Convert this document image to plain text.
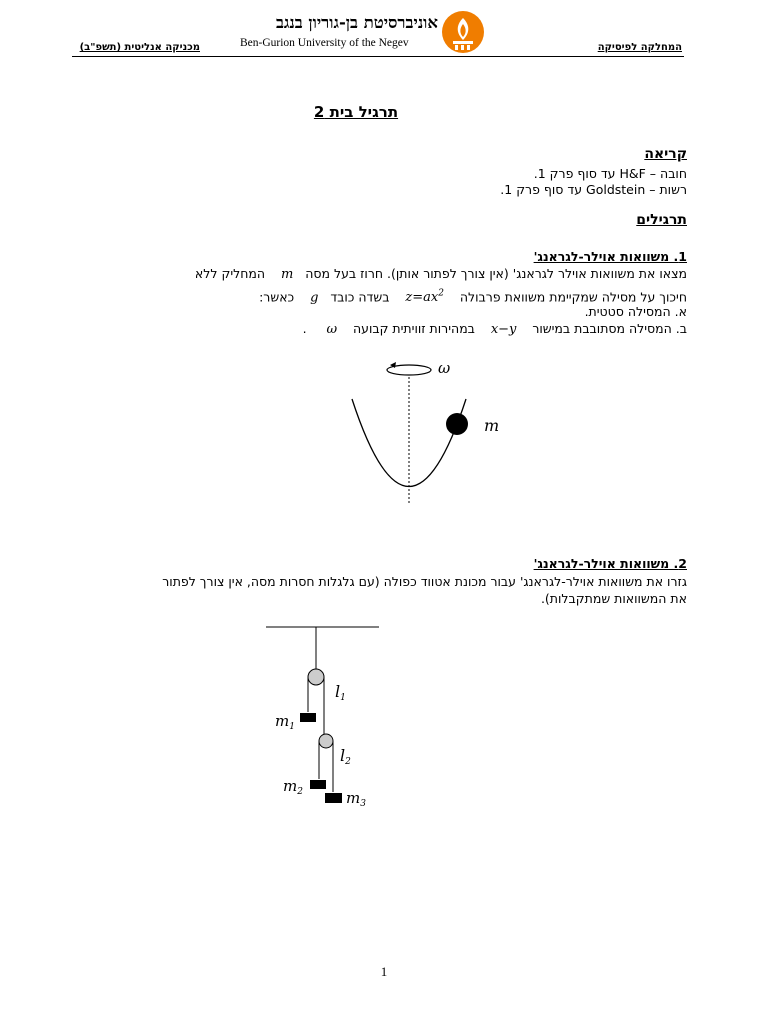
אוניברסיטת בן-גוריון בנגב
Ben-Gurion University of the Negev	המחלקה לפיסיקה
מכניקה אנליטית (תשפ"ב)
תרגיל בית 2
קריאה
חובה – H&F עד סוף פרק 1.
רשות – Goldstein עד סוף פרק 1.
תרגילים
1. משוואות אוילר-לגראנג'
מצאו את משוואות אוילר לגראנג' (אין צורך לפתור אותן). חרוז בעל מסה   m    המחליק ללא
חיכוך על מסילה שמקיימת משוואת פרבולה    $z=ax^2$    בשדה כובד   g    כאשר:
א. המסילה סטטית.
ב. המסילה מסתובבת במישור    x−y    במהירות זוויתית קבועה    ω     .
ω
m
2. משוואות אוילר-לגראנג'
גזרו את משוואות אוילר-לגראנג' עבור מכונת אטווד כפולה (עם גלגלות חסרות מסה, אין צורך לפתור
את המשוואות שמתקבלות).
l1
$m_1$
l2
$m_2$	$m_3$
1
